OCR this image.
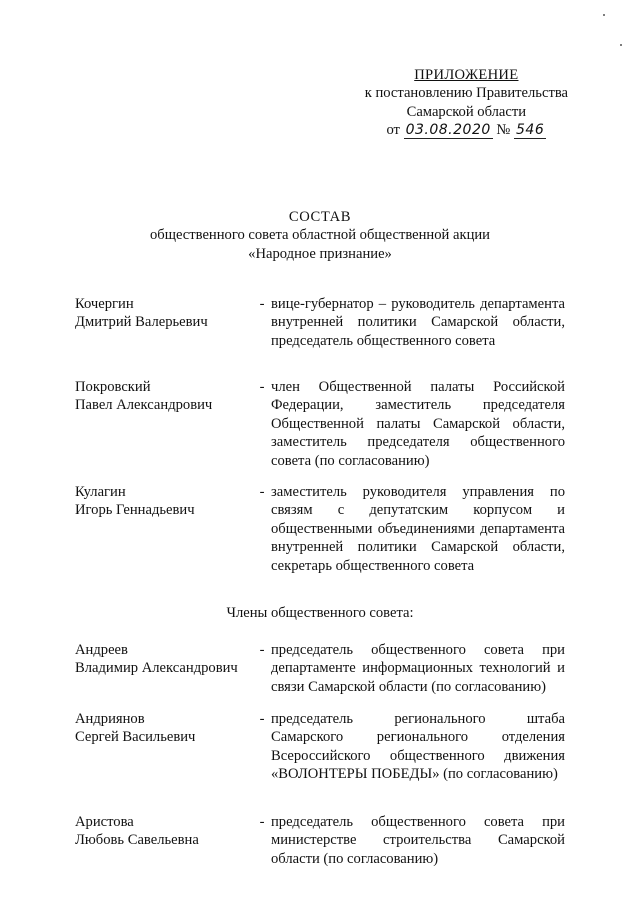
ПРИЛОЖЕНИЕ
к постановлению Правительства
Самарской области
от 03.08.2020 № 546
СОСТАВ
общественного совета областной общественной акции
«Народное признание»
Кочергин
Дмитрий Валерьевич
- вице-губернатор – руководитель департамента внутренней политики Самарской области, председатель общественного совета
Покровский
Павел Александрович
- член Общественной палаты Российской Федерации, заместитель председателя Общественной палаты Самарской области, заместитель председателя общественного совета (по согласованию)
Кулагин
Игорь Геннадьевич
- заместитель руководителя управления по связям с депутатским корпусом и общественными объединениями департамента внутренней политики Самарской области, секретарь общественного совета
Члены общественного совета:
Андреев
Владимир Александрович
- председатель общественного совета при департаменте информационных технологий и связи Самарской области (по согласованию)
Андриянов
Сергей Васильевич
- председатель регионального штаба Самарского регионального отделения Всероссийского общественного движения «ВОЛОНТЕРЫ ПОБЕДЫ» (по согласованию)
Аристова
Любовь Савельевна
- председатель общественного совета при министерстве строительства Самарской области (по согласованию)
